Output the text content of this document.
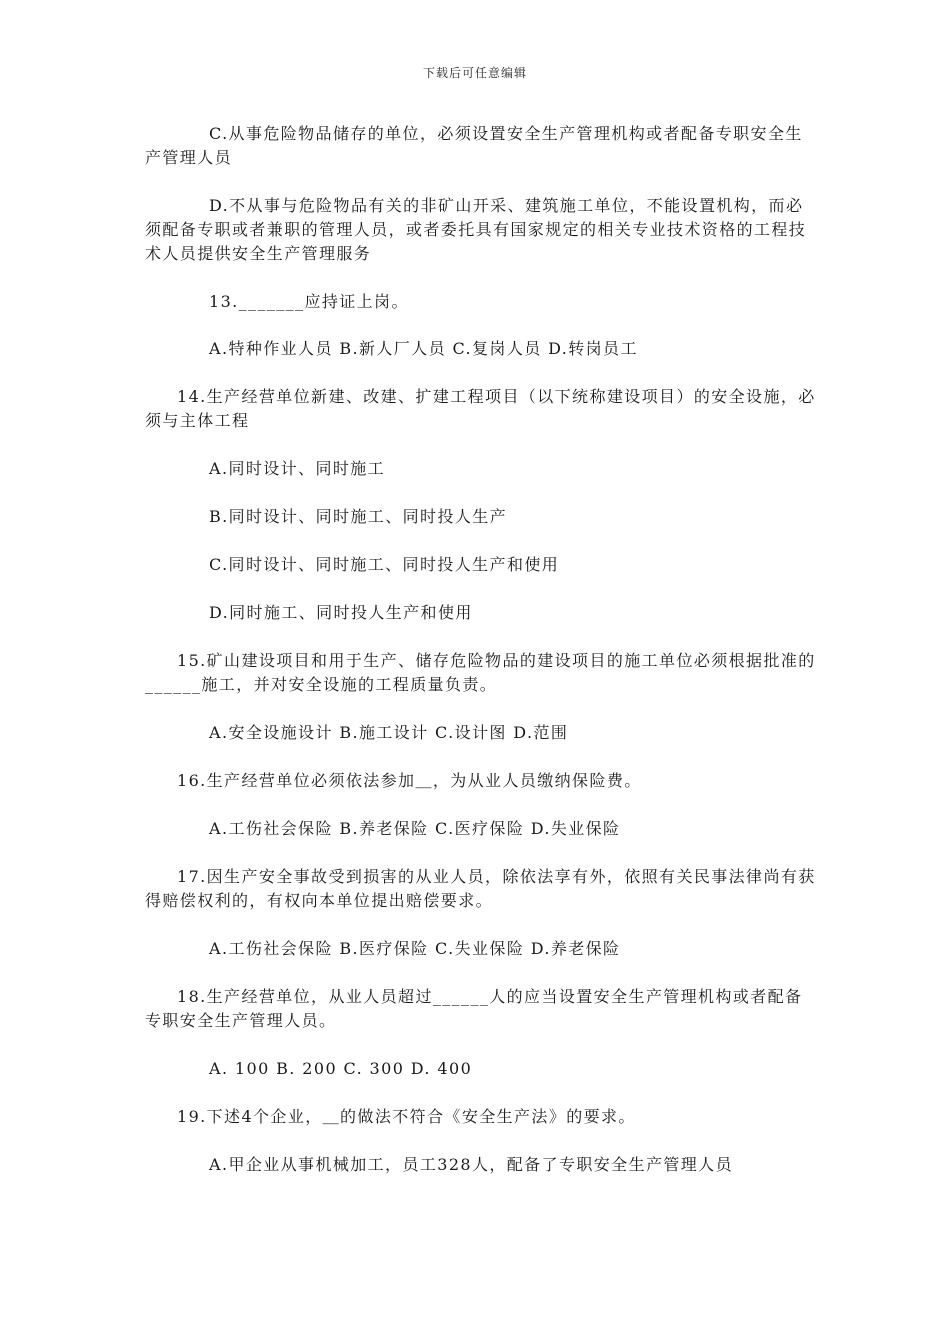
下载后可任意编辑

C.从事危险物品储存的单位，必须设置安全生产管理机构或者配备专职安全生产管理人员

D.不从事与危险物品有关的非矿山开采、建筑施工单位，不能设置机构，而必须配备专职或者兼职的管理人员，或者委托具有国家规定的相关专业技术资格的工程技术人员提供安全生产管理服务

13._______应持证上岗。

A.特种作业人员 B.新人厂人员 C.复岗人员 D.转岗员工

14.生产经营单位新建、改建、扩建工程项目（以下统称建设项目）的安全设施，必须与主体工程

A.同时设计、同时施工

B.同时设计、同时施工、同时投人生产

C.同时设计、同时施工、同时投人生产和使用

D.同时施工、同时投人生产和使用

15.矿山建设项目和用于生产、储存危险物品的建设项目的施工单位必须根据批准的 ______施工，并对安全设施的工程质量负责。

A.安全设施设计 B.施工设计 C.设计图 D.范围

16.生产经营单位必须依法参加＿，为从业人员缴纳保险费。

A.工伤社会保险 B.养老保险 C.医疗保险 D.失业保险

17.因生产安全事故受到损害的从业人员，除依法享有外，依照有关民事法律尚有获得赔偿权利的，有权向本单位提出赔偿要求。

A.工伤社会保险 B.医疗保险 C.失业保险 D.养老保险

18.生产经营单位，从业人员超过______人的应当设置安全生产管理机构或者配备专职安全生产管理人员。

A. 100 B. 200 C. 300 D. 400

19.下述4个企业，＿的做法不符合《安全生产法》的要求。

A.甲企业从事机械加工，员工328人，配备了专职安全生产管理人员
